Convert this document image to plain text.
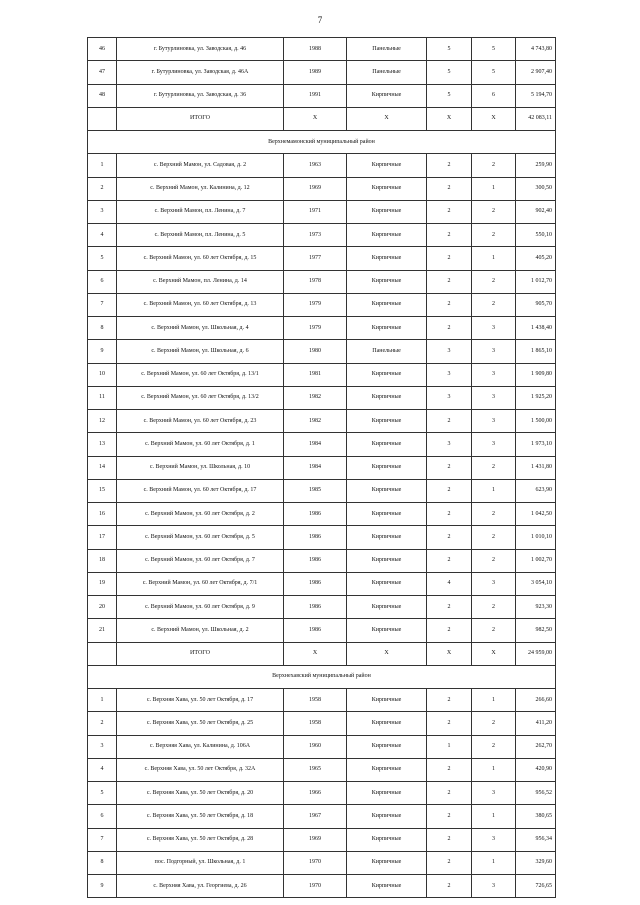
7
46	г. Бутурлиновка, ул. Заводская, д. 46	1988	Панельные	5	5	4 743,80
47	г. Бутурлиновка, ул. Заводская, д. 46А	1989	Панельные	5	5	2 907,40
48	г. Бутурлиновка, ул. Заводская, д. 36	1991	Кирпичные	5	6	5 194,70
	ИТОГО	X	X	X	X	42 083,11
Верхнемамонский муниципальный район						
1	с. Верхний Мамон, ул. Садовая, д. 2	1963	Кирпичные	2	2	259,90
2	с. Верхний Мамон, ул. Калинина, д. 12	1969	Кирпичные	2	1	300,50
3	с. Верхний Мамон, пл. Ленина, д. 7	1971	Кирпичные	2	2	902,40
4	с. Верхний Мамон, пл. Ленина, д. 5	1973	Кирпичные	2	2	550,10
5	с. Верхний Мамон, ул. 60 лет Октября, д. 15	1977	Кирпичные	2	1	405,20
6	с. Верхний Мамон, пл. Ленина, д. 14	1978	Кирпичные	2	2	1 012,70
7	с. Верхний Мамон, ул. 60 лет Октября, д. 13	1979	Кирпичные	2	2	905,70
8	с. Верхний Мамон, ул. Школьная, д. 4	1979	Кирпичные	2	3	1 438,40
9	с. Верхний Мамон, ул. Школьная, д. 6	1980	Панельные	3	3	1 865,10
10	с. Верхний Мамон, ул. 60 лет Октября, д. 13/1	1981	Кирпичные	3	3	1 909,80
11	с. Верхний Мамон, ул. 60 лет Октября, д. 13/2	1982	Кирпичные	3	3	1 925,20
12	с. Верхний Мамон, ул. 60 лет Октября, д. 23	1982	Кирпичные	2	3	1 500,00
13	с. Верхний Мамон, ул. 60 лет Октября, д. 1	1984	Кирпичные	3	3	1 973,10
14	с. Верхний Мамон, ул. Школьная, д. 10	1984	Кирпичные	2	2	1 431,80
15	с. Верхний Мамон, ул. 60 лет Октября, д. 17	1985	Кирпичные	2	1	623,90
16	с. Верхний Мамон, ул. 60 лет Октября, д. 2	1986	Кирпичные	2	2	1 042,50
17	с. Верхний Мамон, ул. 60 лет Октября, д. 5	1986	Кирпичные	2	2	1 010,10
18	с. Верхний Мамон, ул. 60 лет Октября, д. 7	1986	Кирпичные	2	2	1 002,70
19	с. Верхний Мамон, ул. 60 лет Октября, д. 7/1	1986	Кирпичные	4	3	3 054,10
20	с. Верхний Мамон, ул. 60 лет Октября, д. 9	1986	Кирпичные	2	2	923,30
21	с. Верхний Мамон, ул. Школьная, д. 2	1986	Кирпичные	2	2	982,50
	ИТОГО	X	X	X	X	24 959,00
Верхнехавский муниципальный район						
1	с. Верхняя Хава, ул. 50 лет Октября, д. 17	1958	Кирпичные	2	1	266,60
2	с. Верхняя Хава, ул. 50 лет Октября, д. 25	1958	Кирпичные	2	2	411,20
3	с. Верхняя Хава, ул. Калинина, д. 106А	1960	Кирпичные	1	2	262,70
4	с. Верхняя Хава, ул. 50 лет Октября, д. 32А	1965	Кирпичные	2	1	420,90
5	с. Верхняя Хава, ул. 50 лет Октября, д. 20	1966	Кирпичные	2	3	956,52
6	с. Верхняя Хава, ул. 50 лет Октября, д. 18	1967	Кирпичные	2	1	380,65
7	с. Верхняя Хава, ул. 50 лет Октября, д. 28	1969	Кирпичные	2	3	956,34
8	пос. Подгорный, ул. Школьная, д. 1	1970	Кирпичные	2	1	329,60
9	с. Верхняя Хава, ул. Георгиева, д. 26	1970	Кирпичные	2	3	726,65
